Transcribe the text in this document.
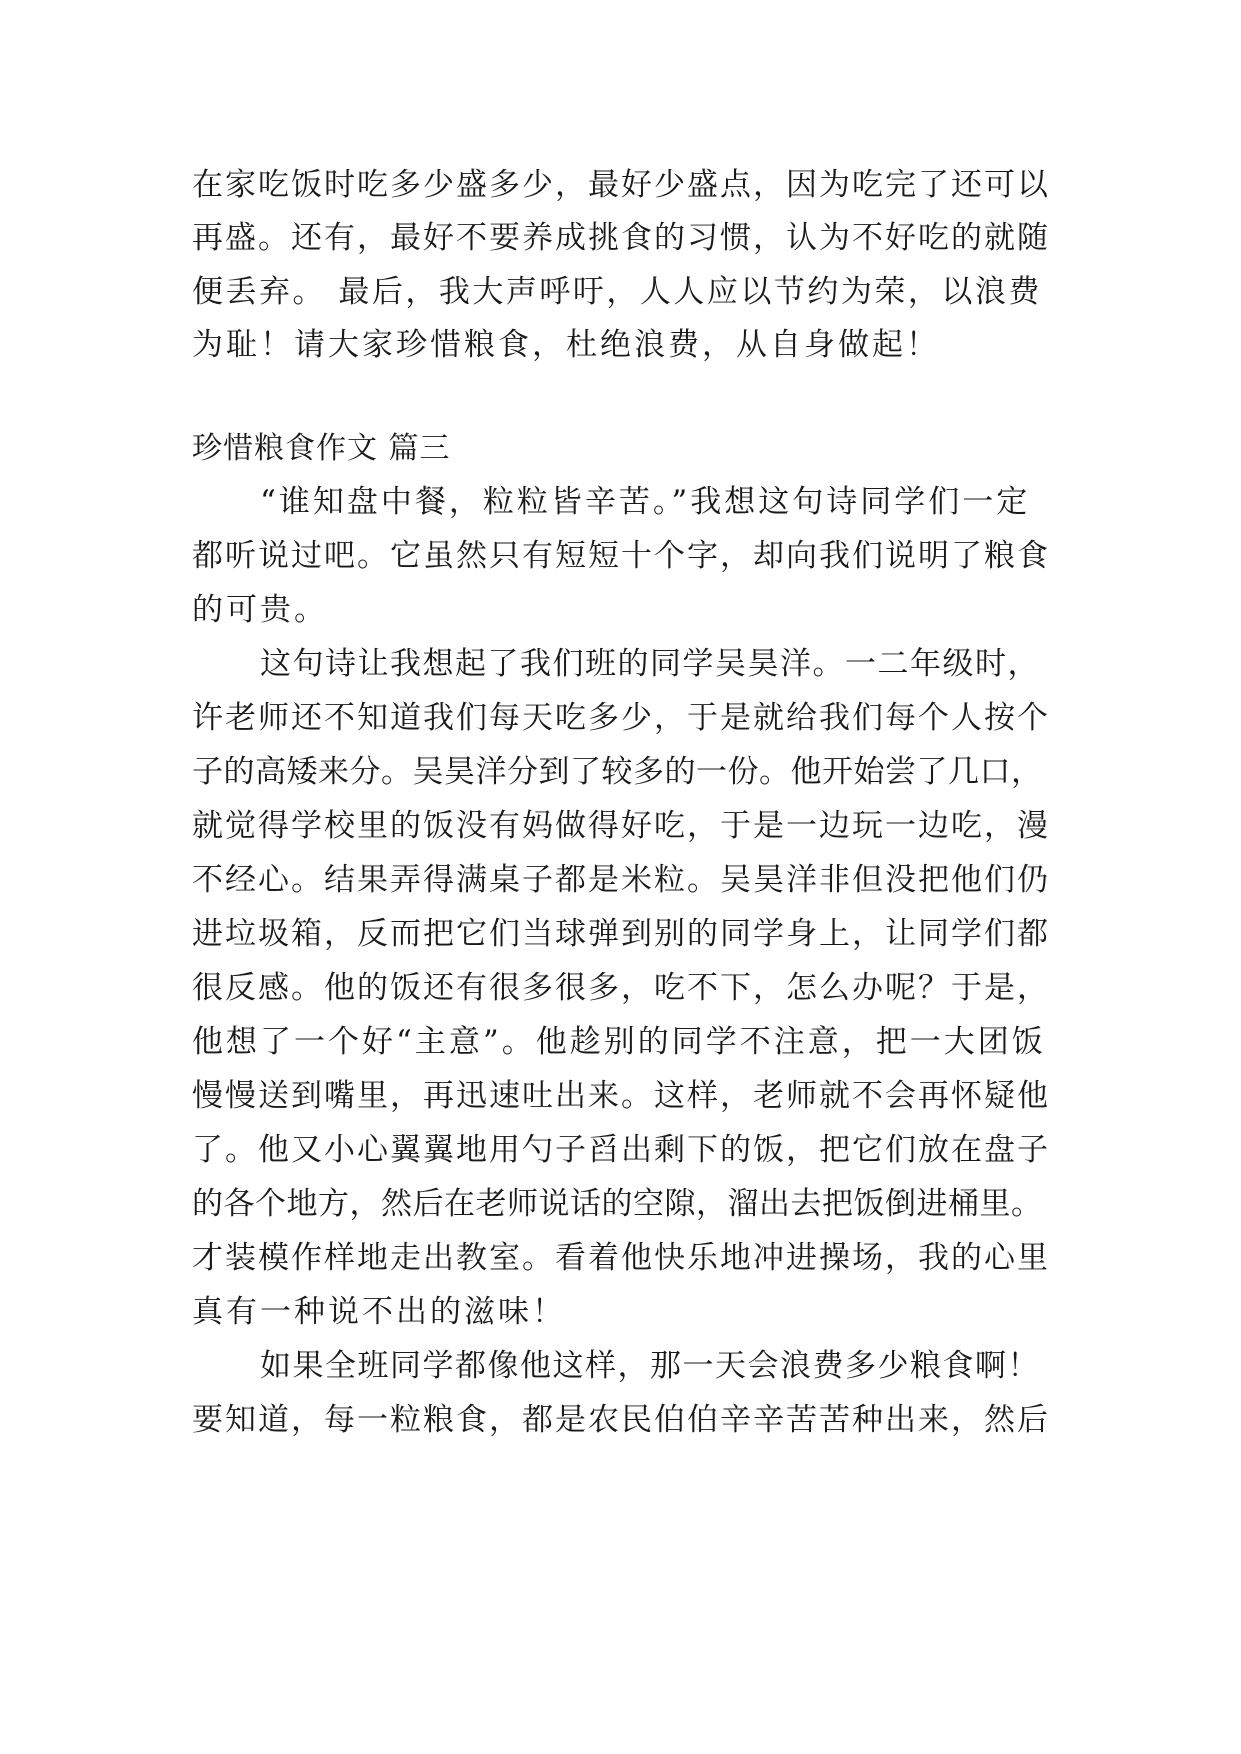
在家吃饭时吃多少盛多少，最好少盛点，因为吃完了还可以
再盛。还有，最好不要养成挑食的习惯，认为不好吃的就随
便丢弃。 最后，我大声呼吁，人人应以节约为荣，以浪费
为耻！请大家珍惜粮食，杜绝浪费，从自身做起！
珍惜粮食作文 篇三
“谁知盘中餐，粒粒皆辛苦。”我想这句诗同学们一定
都听说过吧。它虽然只有短短十个字，却向我们说明了粮食
的可贵。
这句诗让我想起了我们班的同学吴昊洋。一二年级时，
许老师还不知道我们每天吃多少，于是就给我们每个人按个
子的高矮来分。吴昊洋分到了较多的一份。他开始尝了几口，
就觉得学校里的饭没有妈做得好吃，于是一边玩一边吃，漫
不经心。结果弄得满桌子都是米粒。吴昊洋非但没把他们仍
进垃圾箱，反而把它们当球弹到别的同学身上，让同学们都
很反感。他的饭还有很多很多，吃不下，怎么办呢？于是，
他想了一个好“主意”。他趁别的同学不注意，把一大团饭
慢慢送到嘴里，再迅速吐出来。这样，老师就不会再怀疑他
了。他又小心翼翼地用勺子舀出剩下的饭，把它们放在盘子
的各个地方，然后在老师说话的空隙，溜出去把饭倒进桶里。
才装模作样地走出教室。看着他快乐地冲进操场，我的心里
真有一种说不出的滋味！
如果全班同学都像他这样，那一天会浪费多少粮食啊！
要知道，每一粒粮食，都是农民伯伯辛辛苦苦种出来，然后
